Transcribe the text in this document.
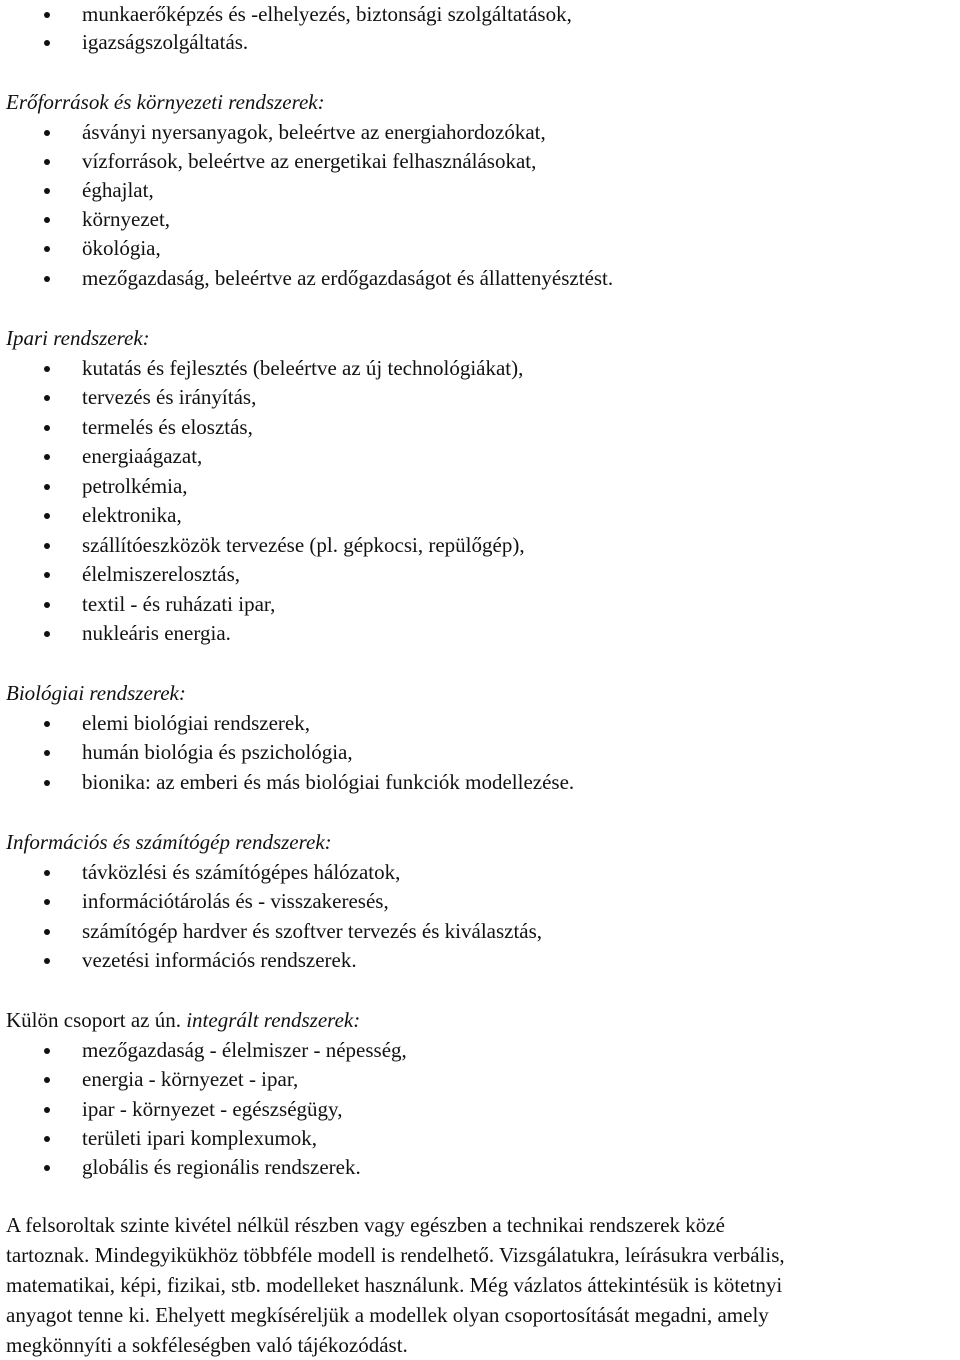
munkaerőképzés és -elhelyezés, biztonsági szolgáltatások,
igazságszolgáltatás.
Erőforrások és környezeti rendszerek:
ásványi nyersanyagok, beleértve az energiahordozókat,
vízforrások, beleértve az energetikai felhasználásokat,
éghajlat,
környezet,
ökológia,
mezőgazdaság, beleértve az erdőgazdaságot és állattenyésztést.
Ipari rendszerek:
kutatás és fejlesztés (beleértve az új technológiákat),
tervezés és irányítás,
termelés és elosztás,
energiaágazat,
petrolkémia,
elektronika,
szállítóeszközök tervezése (pl. gépkocsi, repülőgép),
élelmiszerelosztás,
textil - és ruházati ipar,
nukleáris energia.
Biológiai rendszerek:
elemi biológiai rendszerek,
humán biológia és pszichológia,
bionika: az emberi és más biológiai funkciók modellezése.
Információs és számítógép rendszerek:
távközlési és számítógépes hálózatok,
információtárolás és - visszakeresés,
számítógép hardver és szoftver tervezés és kiválasztás,
vezetési információs rendszerek.
Külön csoport az ún. integrált rendszerek:
mezőgazdaság - élelmiszer - népesség,
energia - környezet - ipar,
ipar - környezet - egészségügy,
területi ipari komplexumok,
globális és regionális rendszerek.
A felsoroltak szinte kivétel nélkül részben vagy egészben a technikai rendszerek közé
tartoznak. Mindegyikükhöz többféle modell is rendelhető. Vizsgálatukra, leírásukra verbális,
matematikai, képi, fizikai, stb. modelleket használunk. Még vázlatos áttekintésük is kötetnyi
anyagot tenne ki. Ehelyett megkíséreljük a modellek olyan csoportosítását megadni, amely
megkönnyíti a sokféleségben való tájékozódást.
